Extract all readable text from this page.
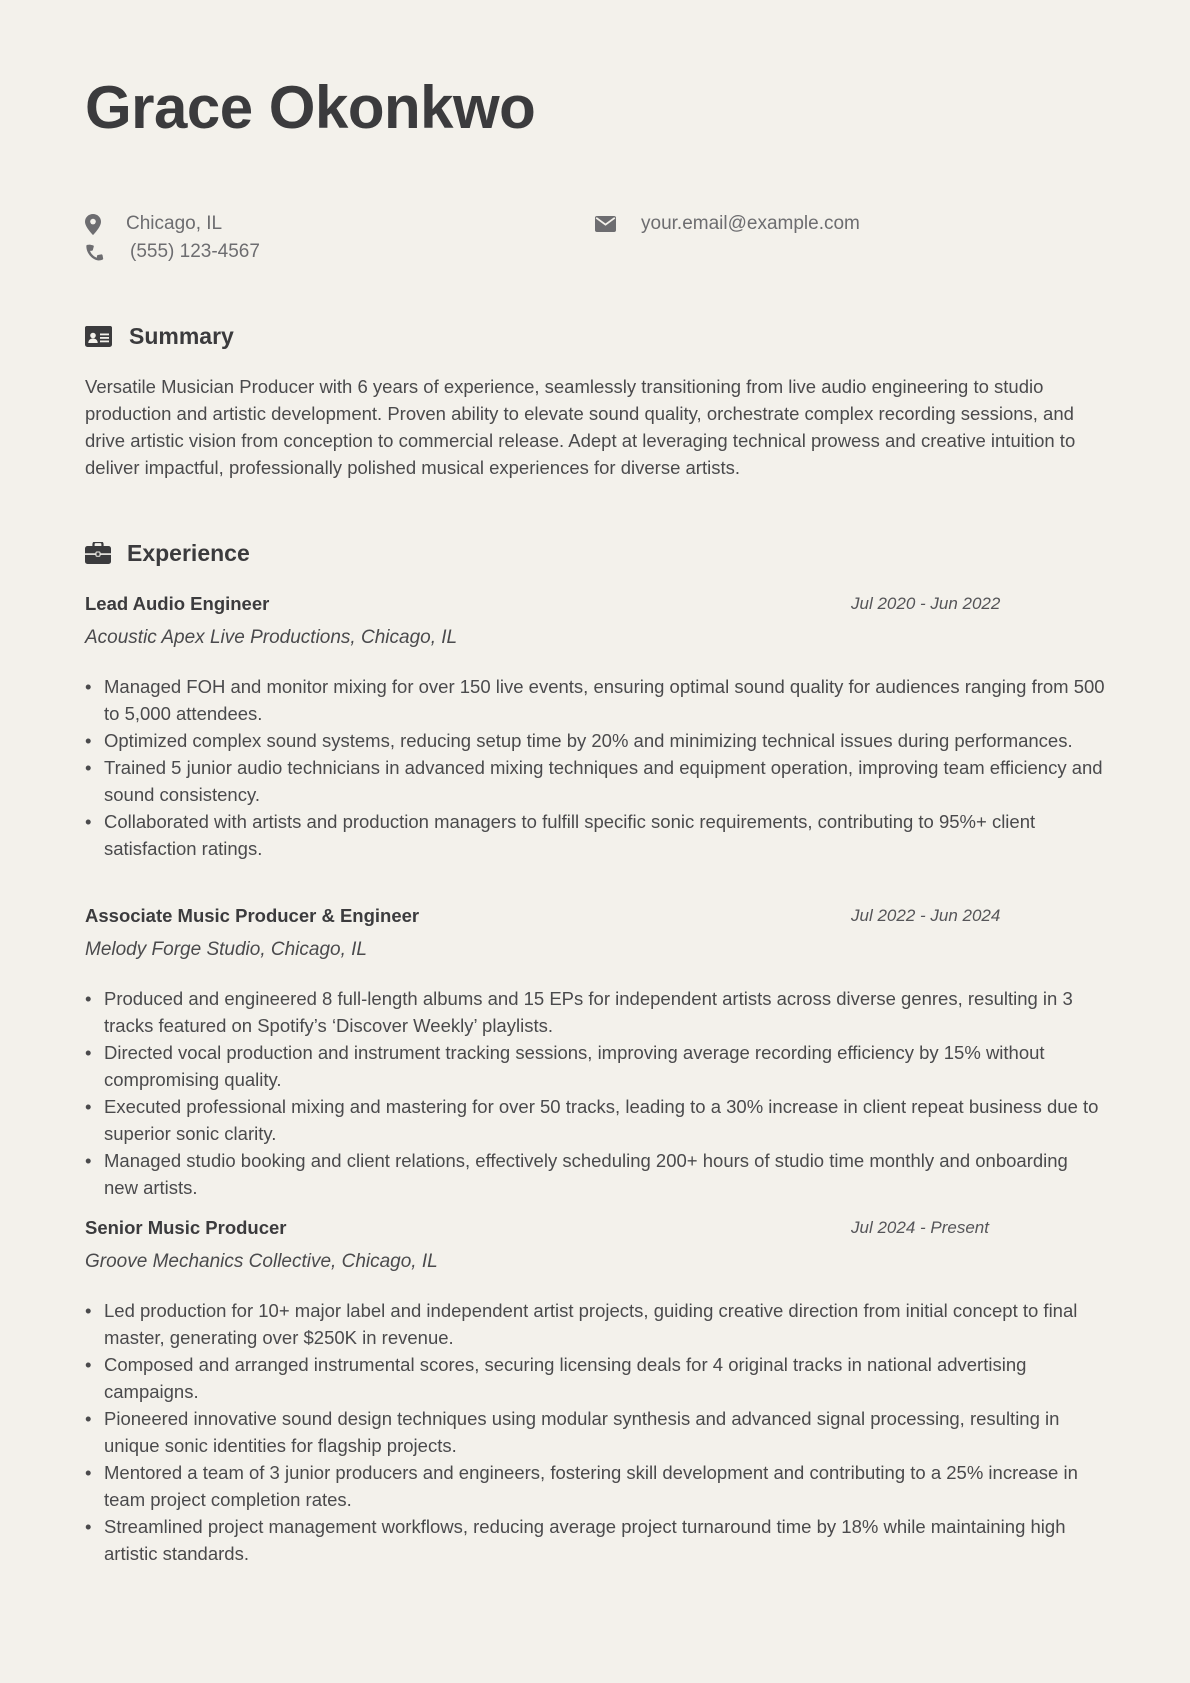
Grace Okonkwo
Chicago, IL
(555) 123-4567
your.email@example.com
Summary

Versatile Musician Producer with 6 years of experience, seamlessly transitioning from live audio engineering to studio production and artistic development. Proven ability to elevate sound quality, orchestrate complex recording sessions, and drive artistic vision from conception to commercial release. Adept at leveraging technical prowess and creative intuition to deliver impactful, professionally polished musical experiences for diverse artists.

Experience
Lead Audio Engineer	Jul 2020 - Jun 2022
Acoustic Apex Live Productions, Chicago, IL
• Managed FOH and monitor mixing for over 150 live events, ensuring optimal sound quality for audiences ranging from 500 to 5,000 attendees.
• Optimized complex sound systems, reducing setup time by 20% and minimizing technical issues during performances.
• Trained 5 junior audio technicians in advanced mixing techniques and equipment operation, improving team efficiency and sound consistency.
• Collaborated with artists and production managers to fulfill specific sonic requirements, contributing to 95%+ client satisfaction ratings.
Associate Music Producer & Engineer	Jul 2022 - Jun 2024
Melody Forge Studio, Chicago, IL
• Produced and engineered 8 full-length albums and 15 EPs for independent artists across diverse genres, resulting in 3 tracks featured on Spotify’s ‘Discover Weekly’ playlists.
• Directed vocal production and instrument tracking sessions, improving average recording efficiency by 15% without compromising quality.
• Executed professional mixing and mastering for over 50 tracks, leading to a 30% increase in client repeat business due to superior sonic clarity.
• Managed studio booking and client relations, effectively scheduling 200+ hours of studio time monthly and onboarding new artists.
Senior Music Producer	Jul 2024 - Present
Groove Mechanics Collective, Chicago, IL
• Led production for 10+ major label and independent artist projects, guiding creative direction from initial concept to final master, generating over $250K in revenue.
• Composed and arranged instrumental scores, securing licensing deals for 4 original tracks in national advertising campaigns.
• Pioneered innovative sound design techniques using modular synthesis and advanced signal processing, resulting in unique sonic identities for flagship projects.
• Mentored a team of 3 junior producers and engineers, fostering skill development and contributing to a 25% increase in team project completion rates.
• Streamlined project management workflows, reducing average project turnaround time by 18% while maintaining high artistic standards.
